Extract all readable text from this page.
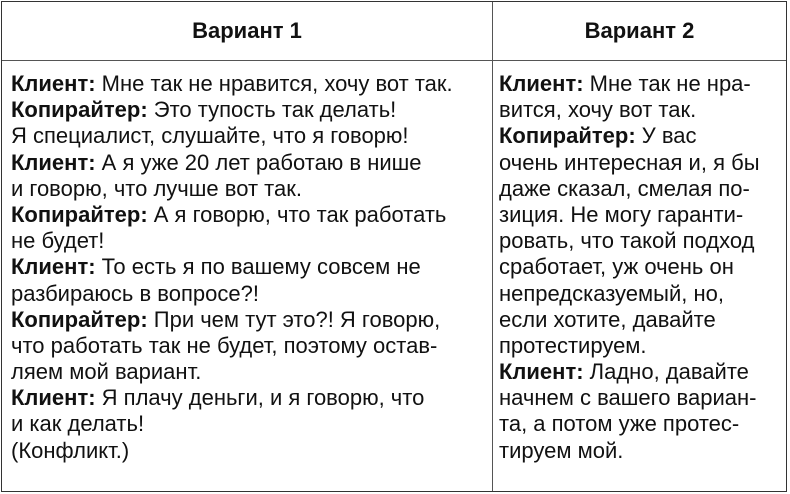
Вариант 1	Вариант 2
Клиент: Мне так не нравится, хочу вот так.
Копирайтер: Это тупость так делать!
Я специалист, слушайте, что я говорю!
Клиент: А я уже 20 лет работаю в нише
и говорю, что лучше вот так.
Копирайтер: А я говорю, что так работать
не будет!
Клиент: То есть я по вашему совсем не
разбираюсь в вопросе?!
Копирайтер: При чем тут это?! Я говорю,
что работать так не будет, поэтому остав-
ляем мой вариант.
Клиент: Я плачу деньги, и я говорю, что
и как делать!
(Конфликт.)
Клиент: Мне так не нра-
вится, хочу вот так.
Копирайтер: У вас
очень интересная и, я бы
даже сказал, смелая по-
зиция. Не могу гаранти-
ровать, что такой подход
сработает, уж очень он
непредсказуемый, но,
если хотите, давайте
протестируем.
Клиент: Ладно, давайте
начнем с вашего вариан-
та, а потом уже протес-
тируем мой.
